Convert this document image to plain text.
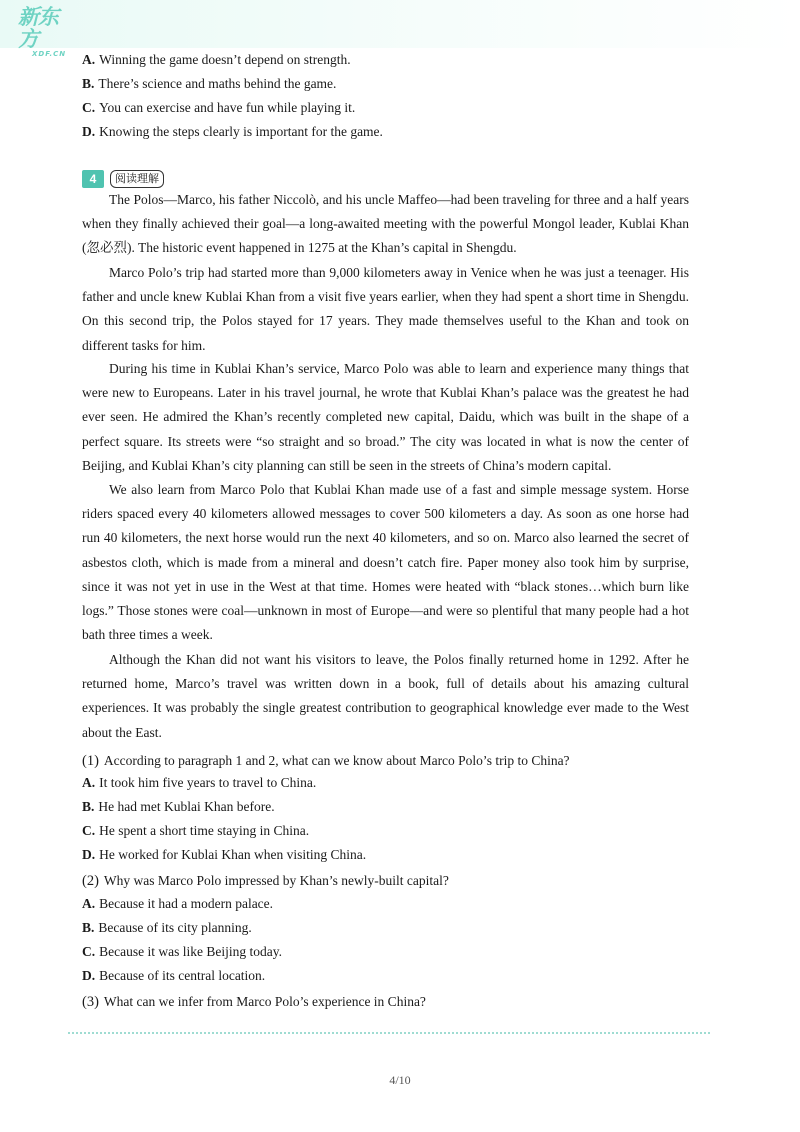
新东方
XDF.CN	A. Winning the game doesn’t depend on strength.
B. There’s science and maths behind the game.
C. You can exercise and have fun while playing it.
D. Knowing the steps clearly is important for the game.
4 阅读理解

The Polos—Marco, his father Niccolò, and his uncle Maffeo—had been traveling for three and a half years when they finally achieved their goal—a long-awaited meeting with the powerful Mongol leader, Kublai Khan (忽必烈). The historic event happened in 1275 at the Khan’s capital in Shengdu.

Marco Polo’s trip had started more than 9,000 kilometers away in Venice when he was just a teenager. His father and uncle knew Kublai Khan from a visit five years earlier, when they had spent a short time in Shengdu. On this second trip, the Polos stayed for 17 years. They made themselves useful to the Khan and took on different tasks for him.

During his time in Kublai Khan’s service, Marco Polo was able to learn and experience many things that were new to Europeans. Later in his travel journal, he wrote that Kublai Khan’s palace was the greatest he had ever seen. He admired the Khan’s recently completed new capital, Daidu, which was built in the shape of a perfect square. Its streets were “so straight and so broad.” The city was located in what is now the center of Beijing, and Kublai Khan’s city planning can still be seen in the streets of China’s modern capital.

We also learn from Marco Polo that Kublai Khan made use of a fast and simple message system. Horse riders spaced every 40 kilometers allowed messages to cover 500 kilometers a day. As soon as one horse had run 40 kilometers, the next horse would run the next 40 kilometers, and so on. Marco also learned the secret of asbestos cloth, which is made from a mineral and doesn’t catch fire. Paper money also took him by surprise, since it was not yet in use in the West at that time. Homes were heated with “black stones…which burn like logs.” Those stones were coal—unknown in most of Europe—and were so plentiful that many people had a hot bath three times a week.

Although the Khan did not want his visitors to leave, the Polos finally returned home in 1292. After he returned home, Marco’s travel was written down in a book, full of details about his amazing cultural experiences. It was probably the single greatest contribution to geographical knowledge ever made to the West about the East.

(1) According to paragraph 1 and 2, what can we know about Marco Polo’s trip to China?
A. It took him five years to travel to China.
B. He had met Kublai Khan before.
C. He spent a short time staying in China.
D. He worked for Kublai Khan when visiting China.
(2) Why was Marco Polo impressed by Khan’s newly-built capital?
A. Because it had a modern palace.
B. Because of its city planning.
C. Because it was like Beijing today.
D. Because of its central location.
(3) What can we infer from Marco Polo’s experience in China?
4/10
